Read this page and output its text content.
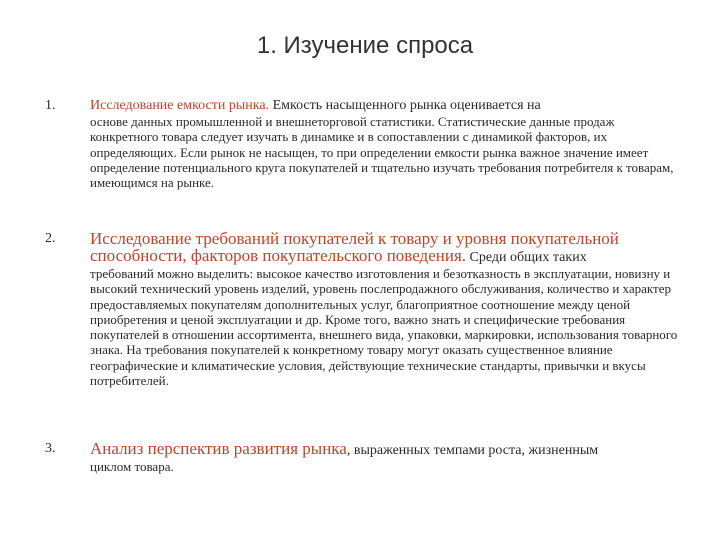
1. Изучение спроса
1. Исследование емкости рынка. Емкость насыщенного рынка оценивается на
основе данных промышленной и внешнеторговой статистики. Статистические данные продаж конкретного товара следует изучать в динамике и в сопоставлении с динамикой факторов, их определяющих. Если рынок не насыщен, то при определении емкости рынка важное значение имеет определение потенциального круга покупателей и тщательно изучать требования потребителя к товарам, имеющимся на рынке.
2. Исследование требований покупателей к товару и уровня покупательной способности, факторов покупательского поведения. Среди общих таких
требований можно выделить: высокое качество изготовления и безотказность в эксплуатации, новизну и высокий технический уровень изделий, уровень послепродажного обслуживания, количество и характер предоставляемых покупателям дополнительных услуг, благоприятное соотношение между ценой приобретения и ценой эксплуатации и др. Кроме того, важно знать и специфические требования покупателей в отношении ассортимента, внешнего вида, упаковки, маркировки, использования товарного знака. На требования покупателей к конкретному товару могут оказать существенное влияние географические и климатические условия, действующие технические стандарты, привычки и вкусы потребителей.
3. Анализ перспектив развития рынка, выраженных темпами роста, жизненным
циклом товара.
